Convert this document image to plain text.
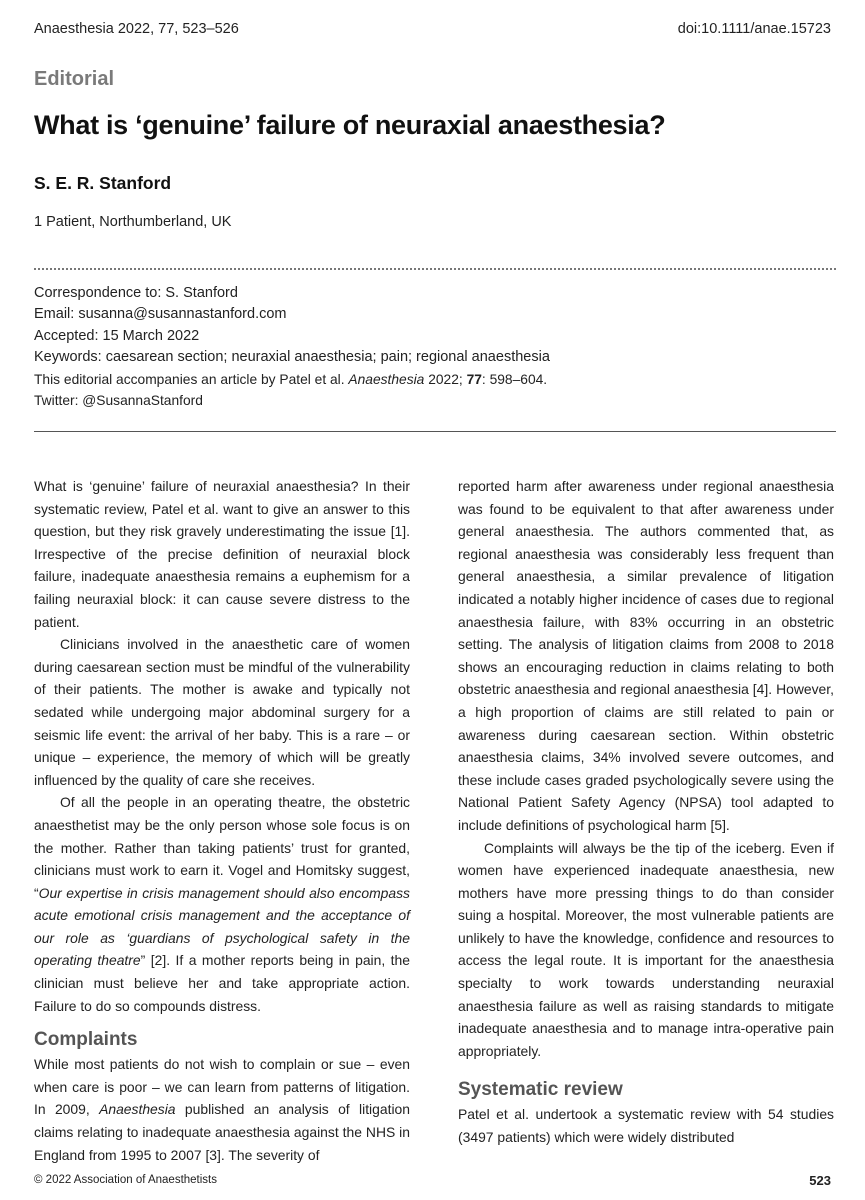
Anaesthesia 2022, 77, 523–526	doi:10.1111/anae.15723
Editorial
What is ‘genuine’ failure of neuraxial anaesthesia?
S. E. R. Stanford
1 Patient, Northumberland, UK
Correspondence to: S. Stanford
Email: susanna@susannastanford.com
Accepted: 15 March 2022
Keywords: caesarean section; neuraxial anaesthesia; pain; regional anaesthesia
This editorial accompanies an article by Patel et al. Anaesthesia 2022; 77: 598–604.
Twitter: @SusannaStanford

What is ‘genuine’ failure of neuraxial anaesthesia? In their systematic review, Patel et al. want to give an answer to this question, but they risk gravely underestimating the issue [1]. Irrespective of the precise definition of neuraxial block failure, inadequate anaesthesia remains a euphemism for a failing neuraxial block: it can cause severe distress to the patient.

Clinicians involved in the anaesthetic care of women during caesarean section must be mindful of the vulnerability of their patients. The mother is awake and typically not sedated while undergoing major abdominal surgery for a seismic life event: the arrival of her baby. This is a rare – or unique – experience, the memory of which will be greatly influenced by the quality of care she receives.

Of all the people in an operating theatre, the obstetric anaesthetist may be the only person whose sole focus is on the mother. Rather than taking patients’ trust for granted, clinicians must work to earn it. Vogel and Homitsky suggest, “Our expertise in crisis management should also encompass acute emotional crisis management and the acceptance of our role as ‘guardians of psychological safety in the operating theatre” [2]. If a mother reports being in pain, the clinician must believe her and take appropriate action. Failure to do so compounds distress.

Complaints

While most patients do not wish to complain or sue – even when care is poor – we can learn from patterns of litigation. In 2009, Anaesthesia published an analysis of litigation claims relating to inadequate anaesthesia against the NHS in England from 1995 to 2007 [3]. The severity of

reported harm after awareness under regional anaesthesia was found to be equivalent to that after awareness under general anaesthesia. The authors commented that, as regional anaesthesia was considerably less frequent than general anaesthesia, a similar prevalence of litigation indicated a notably higher incidence of cases due to regional anaesthesia failure, with 83% occurring in an obstetric setting. The analysis of litigation claims from 2008 to 2018 shows an encouraging reduction in claims relating to both obstetric anaesthesia and regional anaesthesia [4]. However, a high proportion of claims are still related to pain or awareness during caesarean section. Within obstetric anaesthesia claims, 34% involved severe outcomes, and these include cases graded psychologically severe using the National Patient Safety Agency (NPSA) tool adapted to include definitions of psychological harm [5].

Complaints will always be the tip of the iceberg. Even if women have experienced inadequate anaesthesia, new mothers have more pressing things to do than consider suing a hospital. Moreover, the most vulnerable patients are unlikely to have the knowledge, confidence and resources to access the legal route. It is important for the anaesthesia specialty to work towards understanding neuraxial anaesthesia failure as well as raising standards to mitigate inadequate anaesthesia and to manage intra-operative pain appropriately.

Systematic review

Patel et al. undertook a systematic review with 54 studies (3497 patients) which were widely distributed

© 2022 Association of Anaesthetists	523
